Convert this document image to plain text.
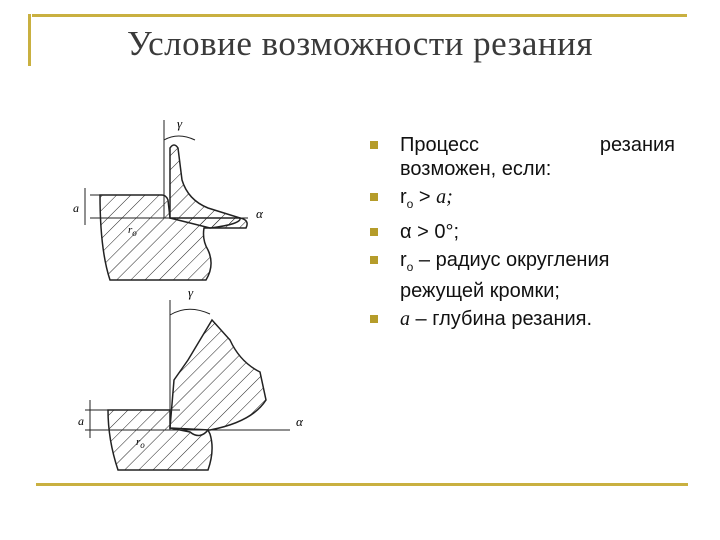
Условие возможности резания
γ
α
a
$r_o$
γ
α
a
$r_o$
Процесс	резания
возможен, если:
$r_o > a$;
α > 0°;
$r_o$ – радиус округления
режущей кромки;
a – глубина резания.
